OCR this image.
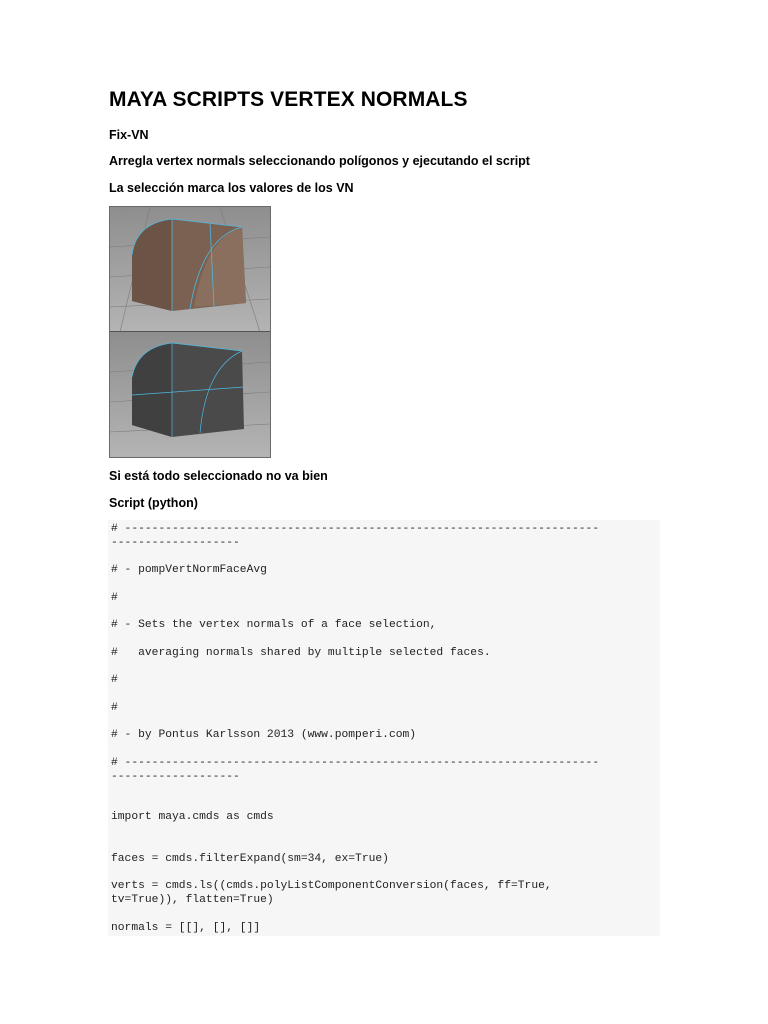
MAYA SCRIPTS VERTEX NORMALS

Fix-VN

Arregla vertex normals seleccionando polígonos y ejecutando el script

La selección marca los valores de los VN

Si está todo seleccionado no va bien

Script (python)

# ----------------------------------------------------------------------
-------------------
# - pompVertNormFaceAvg
#
# - Sets the vertex normals of a face selection,
#   averaging normals shared by multiple selected faces.
#
#
# - by Pontus Karlsson 2013 (www.pomperi.com)
# ----------------------------------------------------------------------
-------------------
import maya.cmds as cmds
faces = cmds.filterExpand(sm=34, ex=True)
verts = cmds.ls((cmds.polyListComponentConversion(faces, ff=True,
tv=True)), flatten=True)
normals = [[], [], []]
